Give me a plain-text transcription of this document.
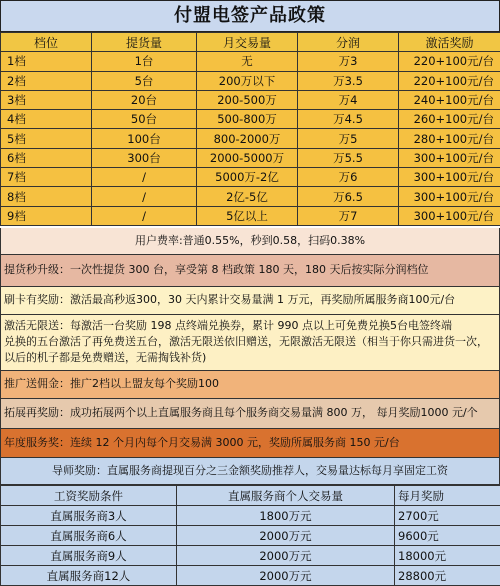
付盟电签产品政策
档位	提货量	月交易量	分润	激活奖励
1档	1台	无	万3	220+100元/台
2档	5台	200万以下	万3.5	220+100元/台
3档	20台	200-500万	万4	240+100元/台
4档	50台	500-800万	万4.5	260+100元/台
5档	100台	800-2000万	万5	280+100元/台
6档	300台	2000-5000万	万5.5	300+100元/台
7档	/	5000万-2亿	万6	300+100元/台
8档	/	2亿-5亿	万6.5	300+100元/台
9档	/	5亿以上	万7	300+100元/台
用户费率:普通0.55%，秒到0.58，扫码0.38%
提货秒升级：一次性提货 300 台，享受第 8 档政策 180 天，180 天后按实际分润档位
刷卡有奖励：激活最高秒返300，30 天内累计交易量满 1 万元，再奖励所属服务商100元/台
激活无限送：每激活一台奖励 198 点终端兑换券，累计 990 点以上可免费兑换5台电签终端
兑换的五台激活了再免费送五台，激活无限送依旧赠送，无限激活无限送（相当于你只需进货一次，
以后的机子都是免费赠送，无需掏钱补货)
推广送佣金：推广2档以上盟友每个奖励100
拓展再奖励：成功拓展两个以上直属服务商且每个服务商交易量满 800 万， 每月奖励1000 元/个
年度服务奖：连续 12 个月内每个月交易满 3000 元，奖励所属服务商 150 元/台
导师奖励：直属服务商提现百分之三金额奖励推荐人，交易量达标每月享固定工资
工资奖励条件	直属服务商个人交易量	每月奖励
直属服务商3人	1800万元	2700元
直属服务商6人	2000万元	9600元
直属服务商9人	2000万元	18000元
直属服务商12人	2000万元	28800元
